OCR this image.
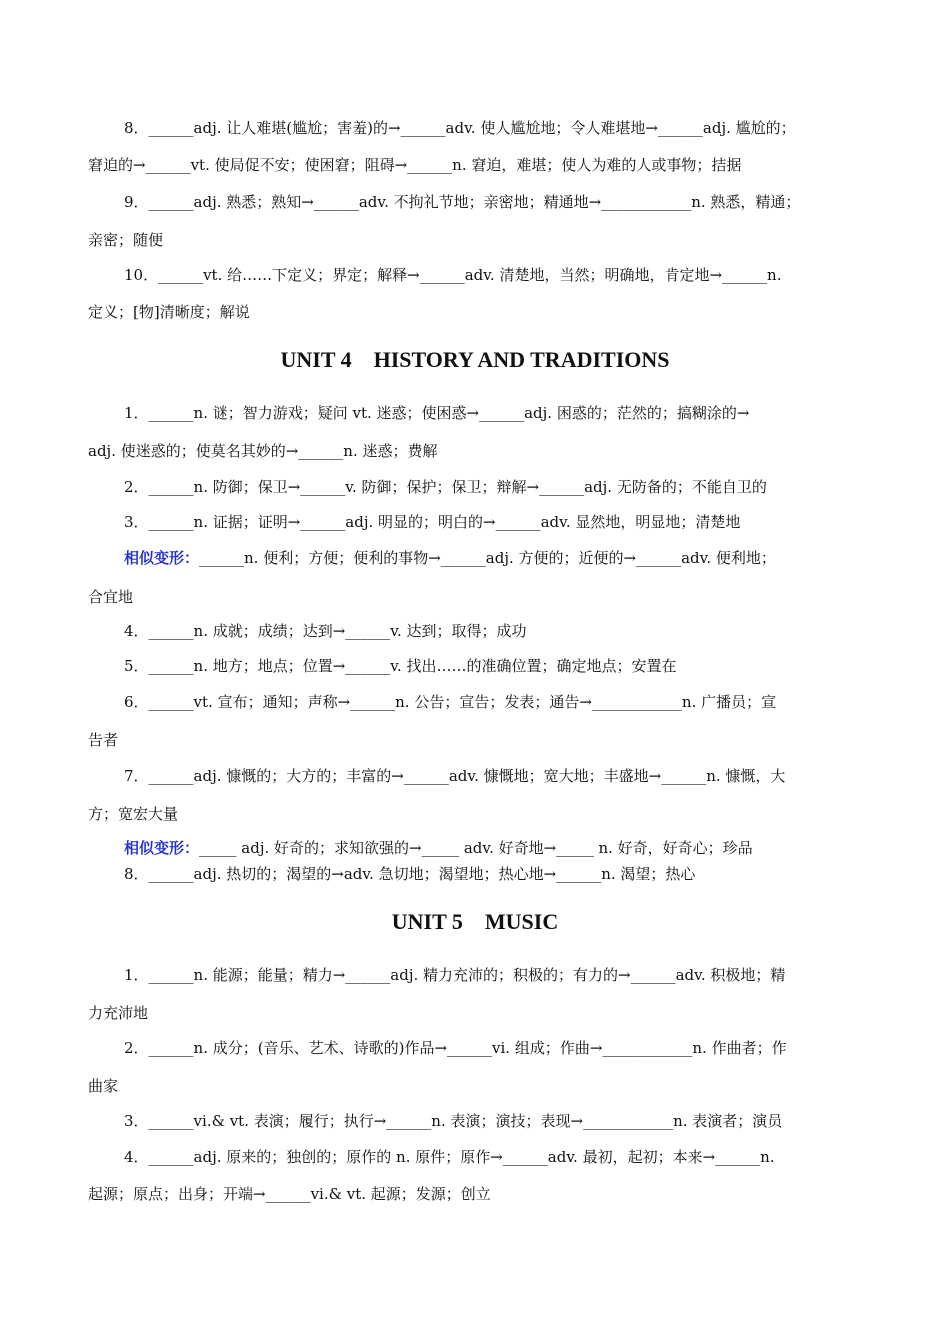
8．______adj. 让人难堪(尴尬；害羞)的→______adv. 使人尴尬地；令人难堪地→______adj. 尴尬的；
窘迫的→______vt. 使局促不安；使困窘；阻碍→______n. 窘迫，难堪；使人为难的人或事物；拮据
9．______adj. 熟悉；熟知→______adv. 不拘礼节地；亲密地；精通地→____________n. 熟悉，精通；
亲密；随便
10．______vt. 给……下定义；界定；解释→______adv. 清楚地，当然；明确地，肯定地→______n.
定义；[物]清晰度；解说
UNIT 4    HISTORY AND TRADITIONS
1．______n. 谜；智力游戏；疑问 vt. 迷惑；使困惑→______adj. 困惑的；茫然的；搞糊涂的→
adj. 使迷惑的；使莫名其妙的→______n. 迷惑；费解
2．______n. 防御；保卫→______v. 防御；保护；保卫；辩解→______adj. 无防备的；不能自卫的
3．______n. 证据；证明→______adj. 明显的；明白的→______adv. 显然地，明显地；清楚地
相似变形：______n. 便利；方便；便利的事物→______adj. 方便的；近便的→______adv. 便利地；
合宜地
4．______n. 成就；成绩；达到→______v. 达到；取得；成功
5．______n. 地方；地点；位置→______v. 找出……的准确位置；确定地点；安置在
6．______vt. 宣布；通知；声称→______n. 公告；宣告；发表；通告→____________n. 广播员；宣
告者
7．______adj. 慷慨的；大方的；丰富的→______adv. 慷慨地；宽大地；丰盛地→______n. 慷慨，大
方；宽宏大量
相似变形：_____ adj. 好奇的；求知欲强的→_____ adv. 好奇地→_____ n. 好奇，好奇心；珍品
8．______adj. 热切的；渴望的→adv. 急切地；渴望地；热心地→______n. 渴望；热心
UNIT 5    MUSIC
1．______n. 能源；能量；精力→______adj. 精力充沛的；积极的；有力的→______adv. 积极地；精
力充沛地
2．______n. 成分；(音乐、艺术、诗歌的)作品→______vi. 组成；作曲→____________n. 作曲者；作
曲家
3．______vi.& vt. 表演；履行；执行→______n. 表演；演技；表现→____________n. 表演者；演员
4．______adj. 原来的；独创的；原作的 n. 原件；原作→______adv. 最初，起初；本来→______n.
起源；原点；出身；开端→______vi.& vt. 起源；发源；创立
